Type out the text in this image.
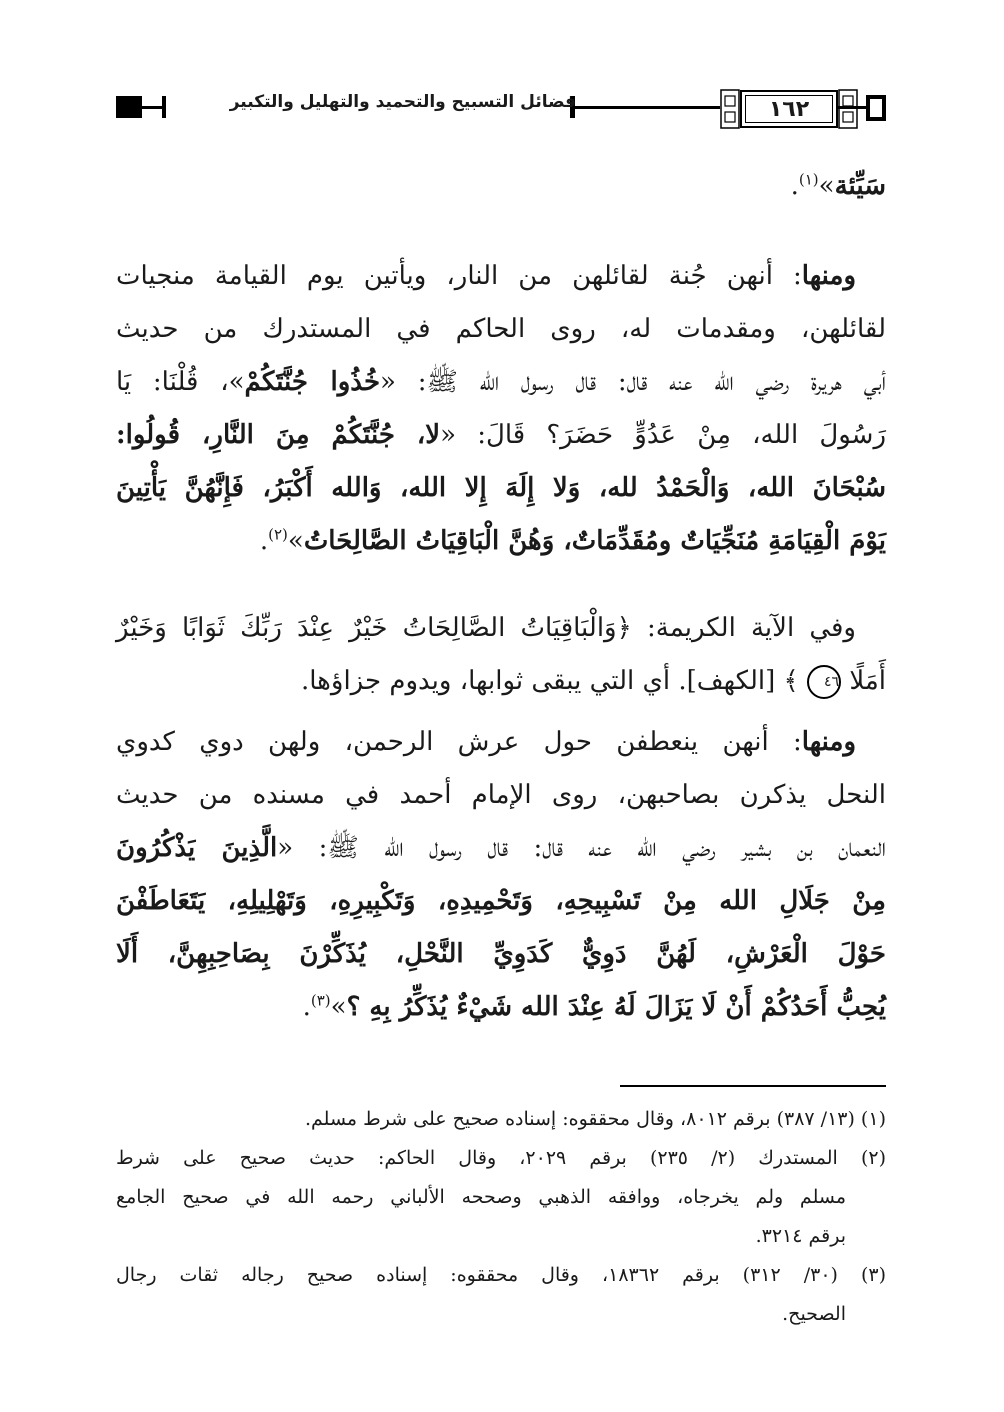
١٦٢
فضائل التسبيح والتحميد والتهليل والتكبير
سَيِّئة»$^{(١)}$.
ومنها: أنهن جُنة لقائلهن من النار، ويأتين يوم القيامة منجيات
لقائلهن، ومقدمات له، روى الحاكم في المستدرك من حديث
أبي هريرة رضي الله عنه قال: قال رسول الله ﷺ: «خُذُوا جُنَّتَكُمْ»، قُلْنَا: يَا
رَسُولَ الله، مِنْ عَدُوٍّ حَضَرَ؟ قَالَ: «لا، جُنَّتَكُمْ مِنَ النَّارِ، قُولُوا:
سُبْحَانَ الله، وَالْحَمْدُ لله، وَلا إِلَهَ إِلا الله، وَالله أَكْبَرُ، فَإِنَّهُنَّ يَأْتِينَ
يَوْمَ الْقِيَامَةِ مُنَجِّيَاتٌ ومُقَدِّمَاتٌ، وَهُنَّ الْبَاقِيَاتُ الصَّالِحَاتُ»$^{(٢)}$.
وفي الآية الكريمة: ﴿وَالْبَاقِيَاتُ الصَّالِحَاتُ خَيْرٌ عِنْدَ رَبِّكَ ثَوَابًا وَخَيْرٌ
أَمَلًا ٤٦ ﴾ [الكهف]. أي التي يبقى ثوابها، ويدوم جزاؤها.
ومنها: أنهن ينعطفن حول عرش الرحمن، ولهن دوي كدوي
النحل يذكرن بصاحبهن، روى الإمام أحمد في مسنده من حديث
النعمان بن بشير رضي الله عنه قال: قال رسول الله ﷺ: «الَّذِينَ يَذْكُرُونَ
مِنْ جَلَالِ الله مِنْ تَسْبِيحِهِ، وَتَحْمِيدِهِ، وَتَكْبِيرِهِ، وَتَهْلِيلِهِ، يَتَعَاطَفْنَ
حَوْلَ الْعَرْشِ، لَهُنَّ دَوِيٌّ كَدَوِيِّ النَّحْلِ، يُذَكِّرْنَ بِصَاحِبِهِنَّ، أَلَا
يُحِبُّ أَحَدُكُمْ أَنْ لَا يَزَالَ لَهُ عِنْدَ الله شَيْءٌ يُذَكِّرُ بِهِ ؟»$^{(٣)}$.
(١) (١٣/ ٣٨٧) برقم ٨٠١٢، وقال محققوه: إسناده صحيح على شرط مسلم.
(٢) المستدرك (٢/ ٢٣٥) برقم ٢٠٢٩، وقال الحاكم: حديث صحيح على شرط
مسلم ولم يخرجاه، ووافقه الذهبي وصححه الألباني رحمه الله في صحيح الجامع
برقم ٣٢١٤.
(٣) (٣٠/ ٣١٢) برقم ١٨٣٦٢، وقال محققوه: إسناده صحيح رجاله ثقات رجال
الصحيح.
